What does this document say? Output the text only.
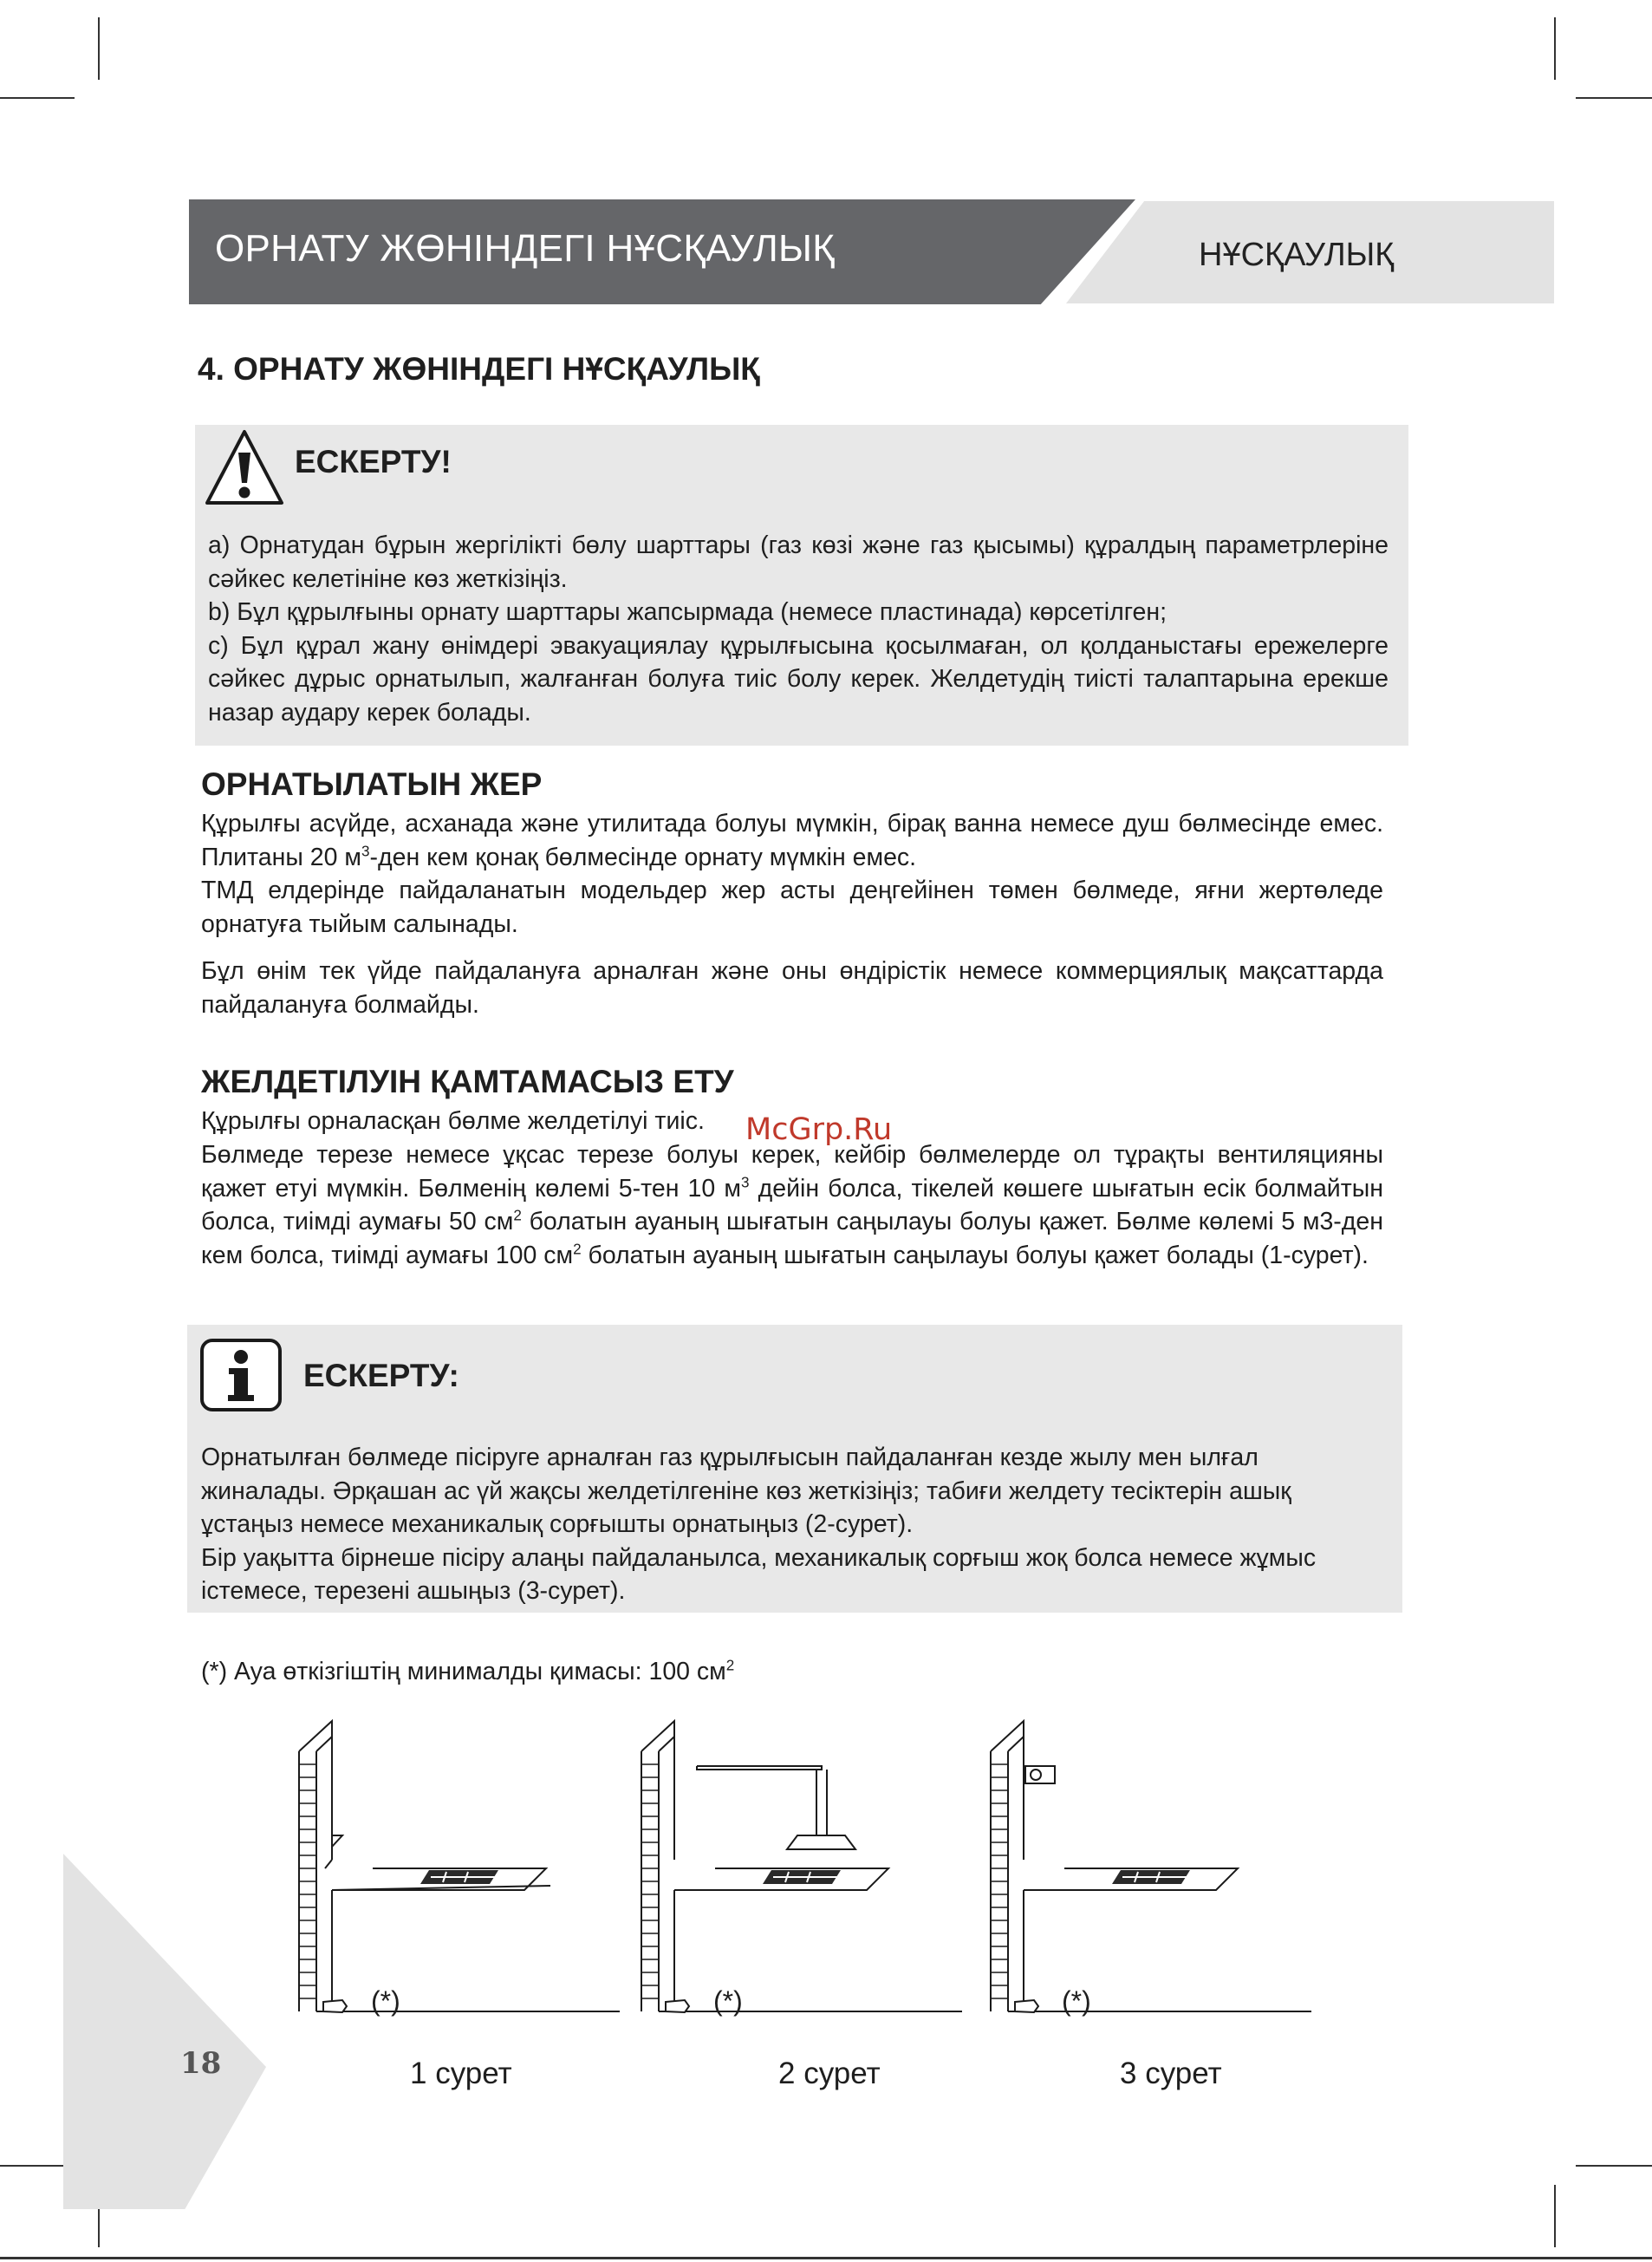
ОРНАТУ ЖӨНІНДЕГІ НҰСҚАУЛЫҚ	НҰСҚАУЛЫҚ
4. ОРНАТУ ЖӨНІНДЕГІ НҰСҚАУЛЫҚ
ЕСКЕРТУ!
a) Орнатудан бұрын жергілікті бөлу шарттары (газ көзі және газ қысымы) құралдың параметрлеріне сәйкес келетініне көз жеткізіңіз.
b) Бұл құрылғыны орнату шарттары жапсырмада (немесе пластинада) көрсетілген;
c) Бұл құрал жану өнімдері эвакуациялау құрылғысына қосылмаған, ол қолданыстағы ережелерге сәйкес дұрыс орнатылып, жалғанған болуға тиіс болу керек. Желдетудің тиісті талаптарына ерекше назар аудару керек болады.
ОРНАТЫЛАТЫН ЖЕР
Құрылғы асүйде, асханада және утилитада болуы мүмкін, бірақ ванна немесе душ бөлмесінде емес. Плитаны 20 $м^3$-ден кем қонақ бөлмесінде орнату мүмкін емес.
ТМД елдерінде пайдаланатын модельдер жер асты деңгейінен төмен бөлмеде, яғни жертөледе орнатуға тыйым салынады.
Бұл өнім тек үйде пайдалануға арналған және оны өндірістік немесе коммерциялық мақсаттарда пайдалануға болмайды.
ЖЕЛДЕТІЛУІН ҚАМТАМАСЫЗ ЕТУ
Құрылғы орналасқан бөлме желдетілуі тиіс.
Бөлмеде терезе немесе ұқсас терезе болуы керек, кейбір бөлмелерде ол тұрақты вентиляцияны қажет етуі мүмкін. Бөлменің көлемі 5-тен 10 $м^3$ дейін болса, тікелей көшеге шығатын есік болмайтын болса, тиімді аумағы 50 $см^2$ болатын ауаның шығатын саңылауы болуы қажет. Бөлме көлемі 5 м3-ден кем болса, тиімді аумағы 100 $см^2$ болатын ауаның шығатын саңылауы болуы қажет болады (1-сурет).
McGrp.Ru
ЕСКЕРТУ:
Орнатылған бөлмеде пісіруге арналған газ құрылғысын пайдаланған кезде жылу мен ылғал жиналады. Әрқашан ас үй жақсы желдетілгеніне көз жеткізіңіз; табиғи желдету тесіктерін ашық ұстаңыз немесе механикалық сорғышты орнатыңыз (2-сурет).
Бір уақытта бірнеше пісіру алаңы пайдаланылса, механикалық сорғыш жоқ болса немесе жұмыс істемесе, терезені ашыңыз (3-сурет).
(*) Ауа өткізгіштің минималды қимасы: 100 $см^2$
18
(*)
1 сурет
(*)
2 сурет
(*)
3 сурет
